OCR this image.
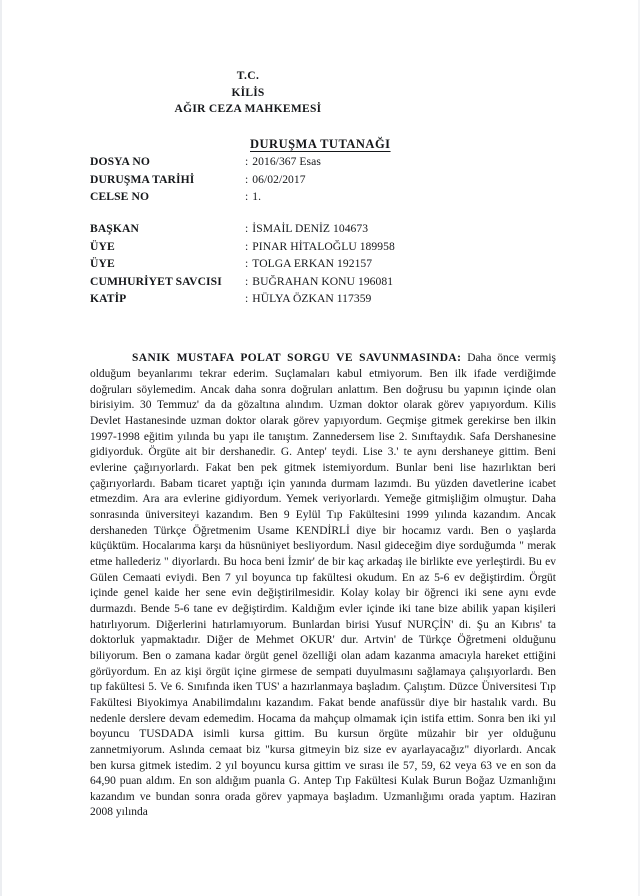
T.C.
KİLİS
AĞIR CEZA MAHKEMESİ
DURUŞMA TUTANAĞI
DOSYA NO	: 2016/367 Esas
DURUŞMA TARİHİ	: 06/02/2017
CELSE NO	: 1.
BAŞKAN	: İSMAİL DENİZ 104673
ÜYE	: PINAR HİTALOĞLU 189958
ÜYE	: TOLGA ERKAN 192157
CUMHURİYET SAVCISI	: BUĞRAHAN KONU 196081
KATİP	: HÜLYA ÖZKAN 117359

SANIK MUSTAFA POLAT SORGU VE SAVUNMASINDA: Daha önce vermiş olduğum beyanlarımı tekrar ederim. Suçlamaları kabul etmiyorum. Ben ilk ifade verdiğimde doğruları söylemedim. Ancak daha sonra doğruları anlattım. Ben doğrusu bu yapının içinde olan birisiyim. 30 Temmuz' da da gözaltına alındım. Uzman doktor olarak görev yapıyordum. Kilis Devlet Hastanesinde uzman doktor olarak görev yapıyordum. Geçmişe gitmek gerekirse ben ilkin 1997-1998 eğitim yılında bu yapı ile tanıştım. Zannedersem lise 2. Sınıftaydık. Safa Dershanesine gidiyorduk. Örgüte ait bir dershanedir. G. Antep' teydi. Lise 3.' te aynı dershaneye gittim. Beni evlerine çağırıyorlardı. Fakat ben pek gitmek istemiyordum. Bunlar beni lise hazırlıktan beri çağırıyorlardı. Babam ticaret yaptığı için yanında durmam lazımdı. Bu yüzden davetlerine icabet etmezdim. Ara ara evlerine gidiyordum. Yemek veriyorlardı. Yemeğe gitmişliğim olmuştur. Daha sonrasında üniversiteyi kazandım. Ben 9 Eylül Tıp Fakültesini 1999 yılında kazandım. Ancak dershaneden Türkçe Öğretmenim Usame KENDİRLİ diye bir hocamız vardı. Ben o yaşlarda küçüktüm. Hocalarıma karşı da hüsnüniyet besliyordum. Nasıl gideceğim diye sorduğumda " merak etme hallederiz " diyorlardı. Bu hoca beni İzmir' de bir kaç arkadaş ile birlikte eve yerleştirdi. Bu ev Gülen Cemaati eviydi. Ben 7 yıl boyunca tıp fakültesi okudum. En az 5-6 ev değiştirdim. Örgüt içinde genel kaide her sene evin değiştirilmesidir. Kolay kolay bir öğrenci iki sene aynı evde durmazdı. Bende 5-6 tane ev değiştirdim. Kaldığım evler içinde iki tane bize abilik yapan kişileri hatırlıyorum. Diğerlerini hatırlamıyorum. Bunlardan birisi Yusuf NURÇİN' di. Şu an Kıbrıs' ta doktorluk yapmaktadır. Diğer de Mehmet OKUR' dur. Artvin' de Türkçe Öğretmeni olduğunu biliyorum. Ben o zamana kadar örgüt genel özelliği olan adam kazanma amacıyla hareket ettiğini görüyordum. En az kişi örgüt içine girmese de sempati duyulmasını sağlamaya çalışıyorlardı. Ben tıp fakültesi 5. Ve 6. Sınıfında iken TUS' a hazırlanmaya başladım. Çalıştım. Düzce Üniversitesi Tıp Fakültesi Biyokimya Anabilimdalını kazandım. Fakat bende anafüssür diye bir hastalık vardı. Bu nedenle derslere devam edemedim. Hocama da mahçup olmamak için istifa ettim. Sonra ben iki yıl boyuncu TUSDADA isimli kursa gittim. Bu kursun örgüte müzahir bir yer olduğunu zannetmiyorum. Aslında cemaat biz "kursa gitmeyin biz size ev ayarlayacağız" diyorlardı. Ancak ben kursa gitmek istedim. 2 yıl boyuncu kursa gittim ve sırası ile 57, 59, 62 veya 63 ve en son da 64,90 puan aldım. En son aldığım puanla G. Antep Tıp Fakültesi Kulak Burun Boğaz Uzmanlığını kazandım ve bundan sonra orada görev yapmaya başladım. Uzmanlığımı orada yaptım. Haziran 2008 yılında
